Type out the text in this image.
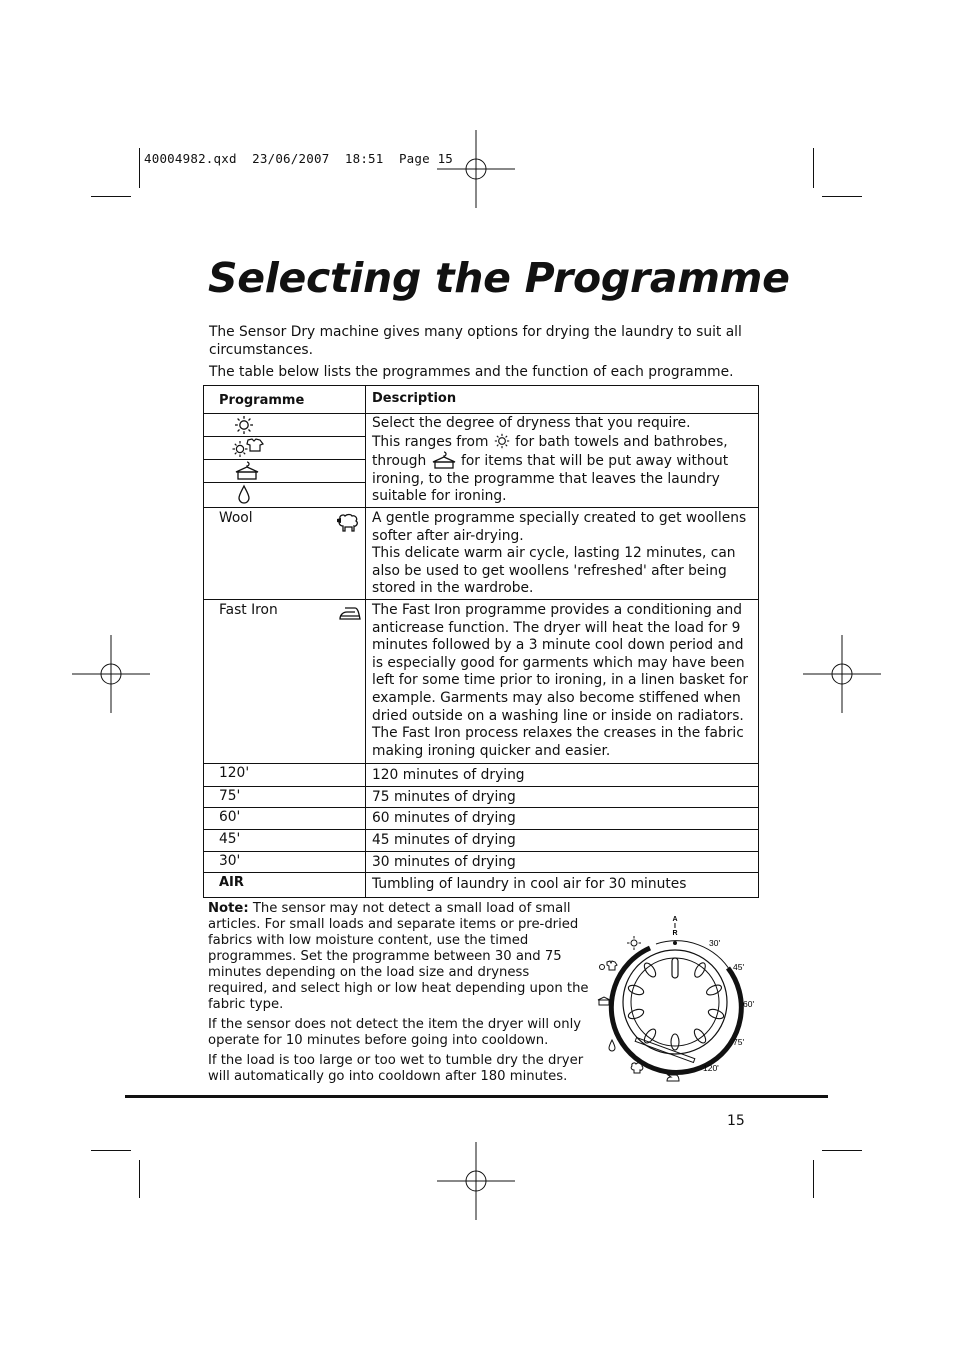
40004982.qxd  23/06/2007  18:51  Page 15
Selecting the Programme
The Sensor Dry machine gives many options for drying the laundry to suit all circumstances.
The table below lists the programmes and the function of each programme.
Programme	Description

Select the degree of dryness that you require.
This ranges from for bath towels and bathrobes,
through for items that will be put away without ironing, to the programme that leaves the laundry suitable for ironing.

Wool	A gentle programme specially created to get woollens softer after air-drying.
This delicate warm air cycle, lasting 12 minutes, can also be used to get woollens 'refreshed' after being stored in the wardrobe.

Fast Iron	The Fast Iron programme provides a conditioning and anticrease function. The dryer will heat the load for 9 minutes followed by a 3 minute cool down period and is especially good for garments which may have been left for some time prior to ironing, in a linen basket for example. Garments may also become stiffened when dried outside on a washing line or inside on radiators. The Fast Iron process relaxes the creases in the fabric making ironing quicker and easier.
120'	120 minutes of drying
75'	75 minutes of drying
60'	60 minutes of drying
45'	45 minutes of drying
30'	30 minutes of drying
AIR	Tumbling of laundry in cool air for 30 minutes

Note: The sensor may not detect a small load of small articles. For small loads and separate items or pre-dried fabrics with low moisture content, use the timed programmes. Set the programme between 30 and 75 minutes depending on the load size and dryness required, and select high or low heat depending upon the fabric type.

If the sensor does not detect the item the dryer will only operate for 10 minutes before going into cooldown.

If the load is too large or too wet to tumble dry the dryer will automatically go into cooldown after 180 minutes.

A
I
R
30'
45'
60'
75'
120'
15
